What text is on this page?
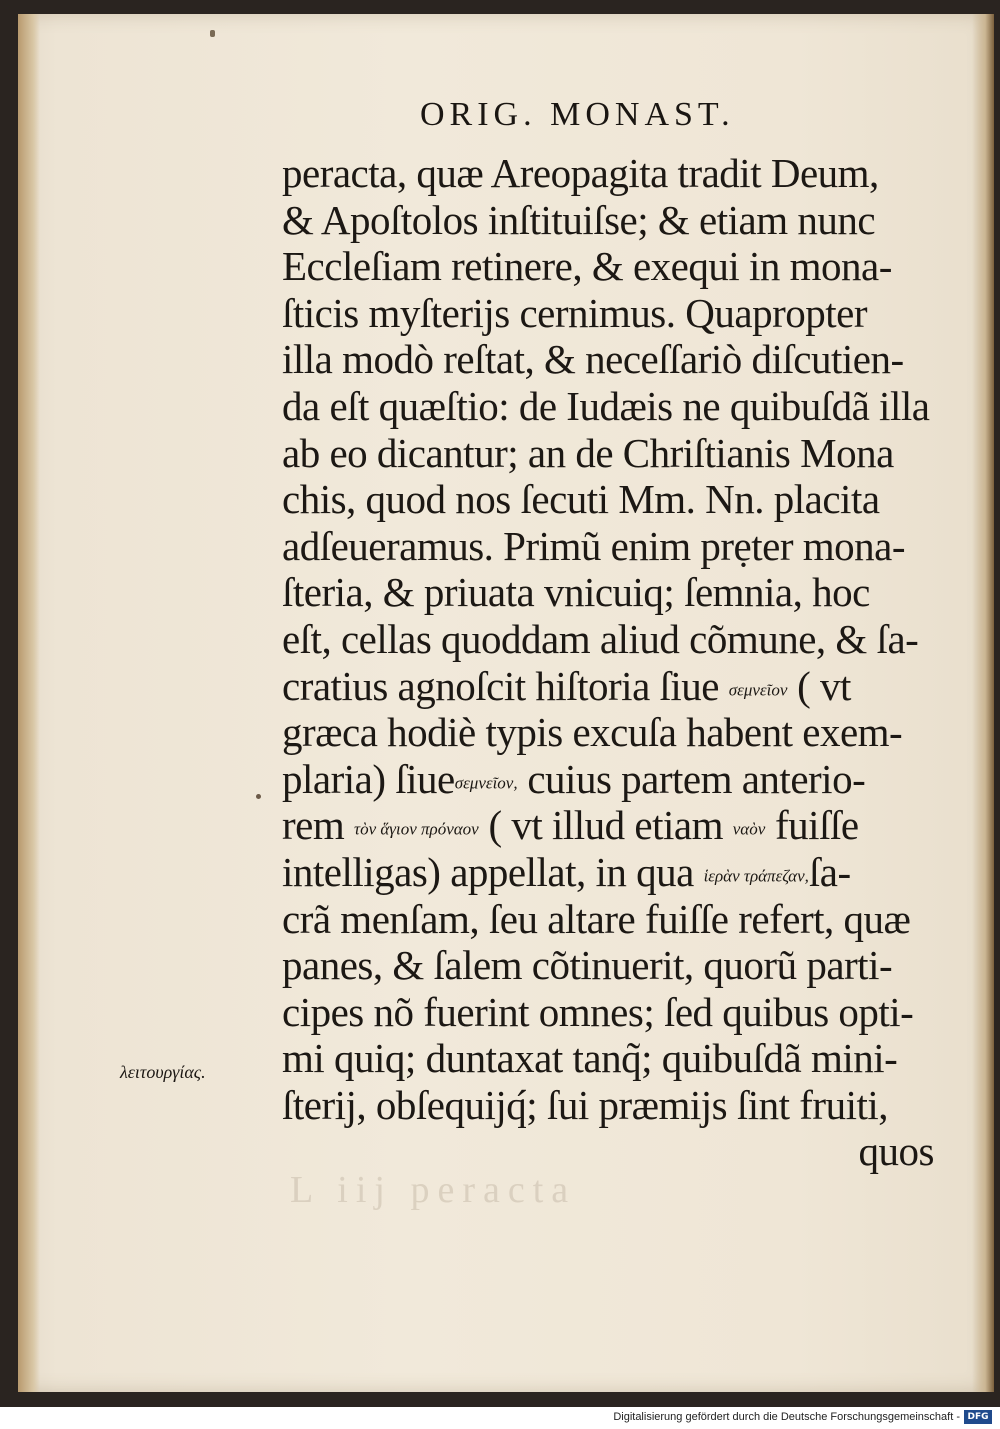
ORIG. MONAST.
peracta, quæ Areopagita tradit Deum,
& Apoſtolos inſtituiſse; & etiam nunc
Eccleſiam retinere, & exequi in mona-
ſticis myſterijs cernimus. Quapropter
illa modò reſtat, & neceſſariò diſcutien-
da eſt quæſtio: de Iudæis ne quibuſdã illa
ab eo dicantur; an de Chriſtianis Mona
chis, quod nos ſecuti Mm. Nn. placita
adſeueramus. Primũ enim prẹter mona-
ſteria, & priuata vnicuiq; ſemnia, hoc
eſt, cellas quoddam aliud cõmune, & ſa-
cratius agnoſcit hiſtoria ſiue σεμνεῖον ( vt
græca hodiè typis excuſa habent exem-
plaria) ſiueσεμνεῖον, cuius partem anterio-
rem τὸν ἅγιον πρόναον ( vt illud etiam ναὸν fuiſſe
intelligas) appellat, in qua ἱερὰν τράπεζαν,ſa-
crã menſam, ſeu altare fuiſſe refert, quæ
panes, & ſalem cõtinuerit, quorũ parti-
cipes nõ fuerint omnes; ſed quibus opti-
mi quiq; duntaxat tanq̃; quibuſdã mini-
ſterij, obſequijq́; ſui præmijs ſint fruiti,
quos
λειτουργίας.
L iij peracta
Digitalisierung gefördert durch die Deutsche Forschungsgemeinschaft - DFG
